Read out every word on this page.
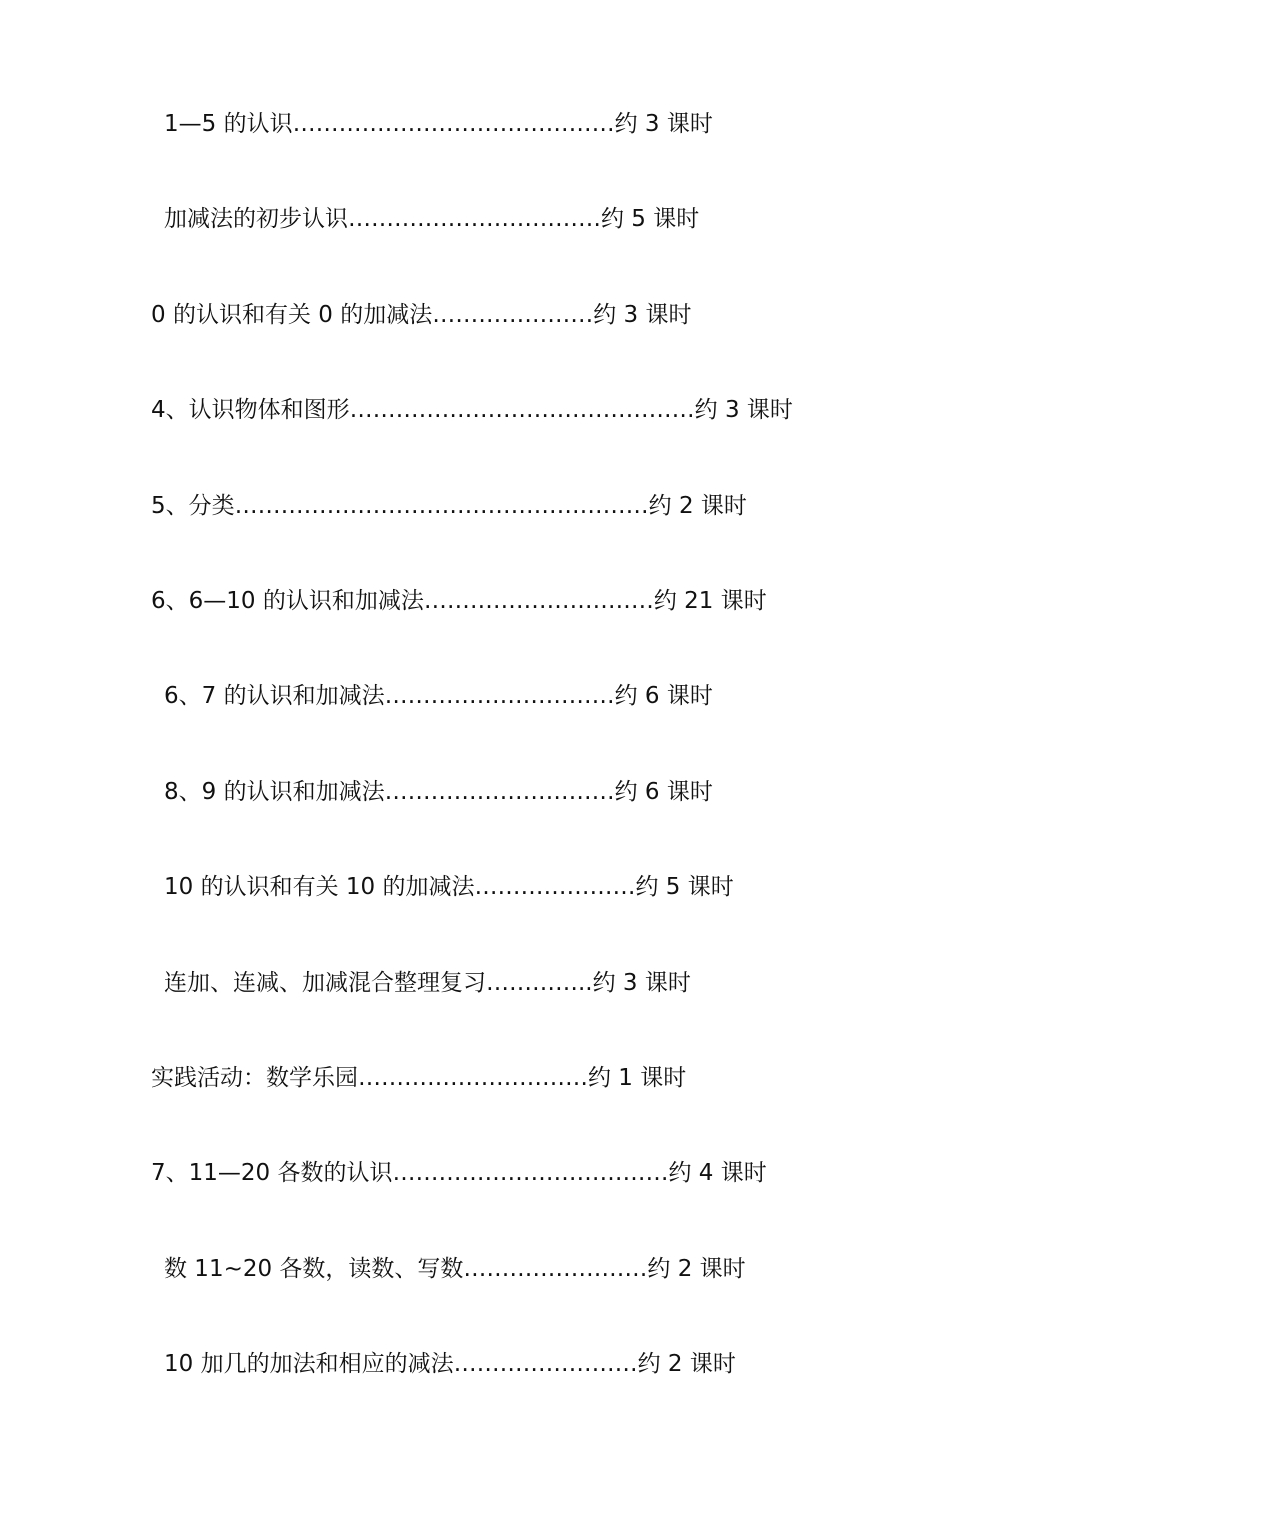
1—5 的认识……………………………………约 3 课时
加减法的初步认识……………………………约 5 课时
0 的认识和有关 0 的加减法…………………约 3 课时
4、认识物体和图形………………………………………约 3 课时
5、分类………………………………………………约 2 课时
6、6—10 的认识和加减法…………………………约 21 课时
6、7 的认识和加减法…………………………约 6 课时
8、9 的认识和加减法…………………………约 6 课时
10 的认识和有关 10 的加减法…………………约 5 课时
连加、连减、加减混合整理复习…………..约 3 课时
实践活动：数学乐园…………………………约 1 课时
7、11—20 各数的认识………………………………约 4 课时
数 11~20 各数，读数、写数……………………约 2 课时
10 加几的加法和相应的减法……………………约 2 课时
